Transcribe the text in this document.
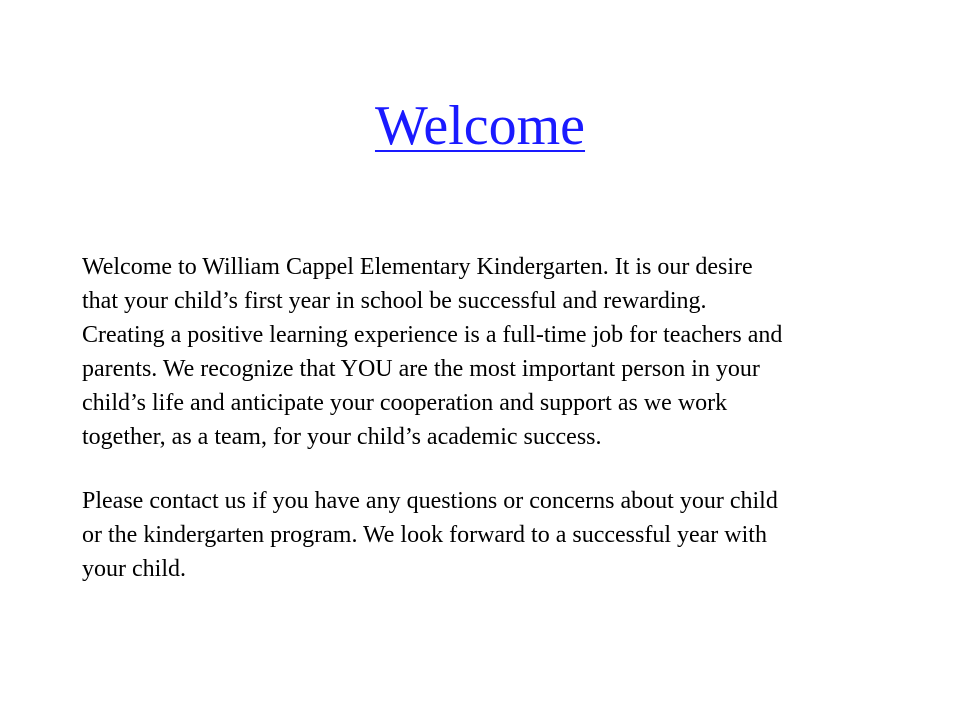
Welcome

Welcome to William Cappel Elementary Kindergarten. It is our desire
that your child’s first year in school be successful and rewarding.
Creating a positive learning experience is a full-time job for teachers and
parents. We recognize that YOU are the most important person in your
child’s life and anticipate your cooperation and support as we work
together, as a team, for your child’s academic success.

Please contact us if you have any questions or concerns about your child
or the kindergarten program. We look forward to a successful year with
your child.
